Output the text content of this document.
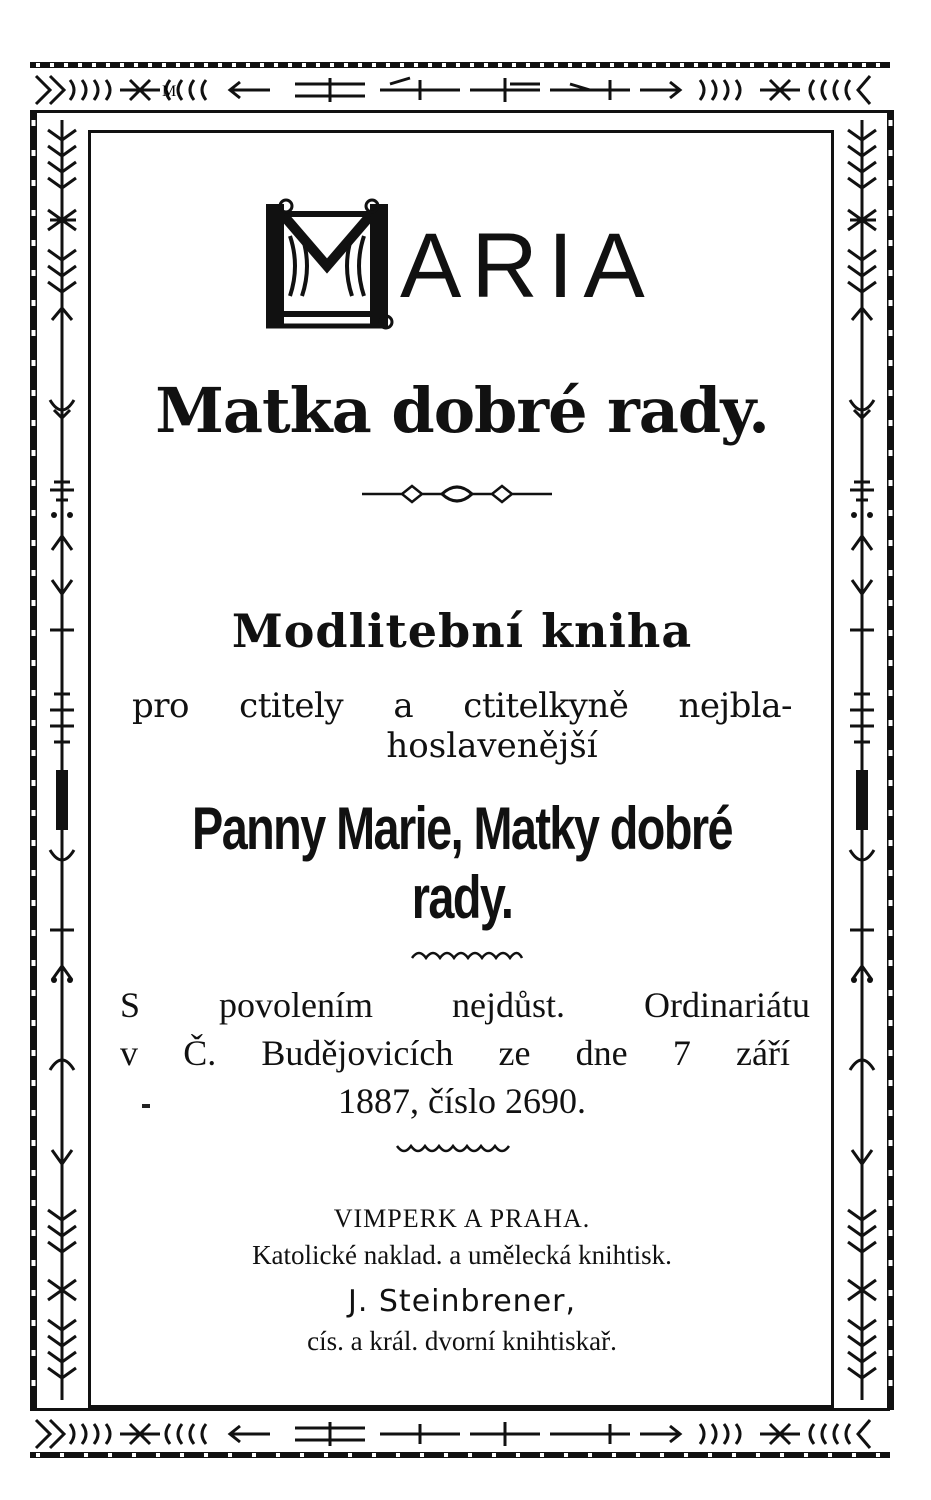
M
ARIA
Matka dobré rady.
Modlitební kniha
pro ctitely a ctitelkyně nejbla-
hoslavenější
Panny Marie, Matky dobré rady.
S povolením nejdůst. Ordinariátu
v Č. Budějovicích ze dne 7 září
1887, číslo 2690.
VIMPERK A PRAHA.
Katolické naklad. a umělecká knihtisk.
J. Steinbrener,
cís. a král. dvorní knihtiskař.
